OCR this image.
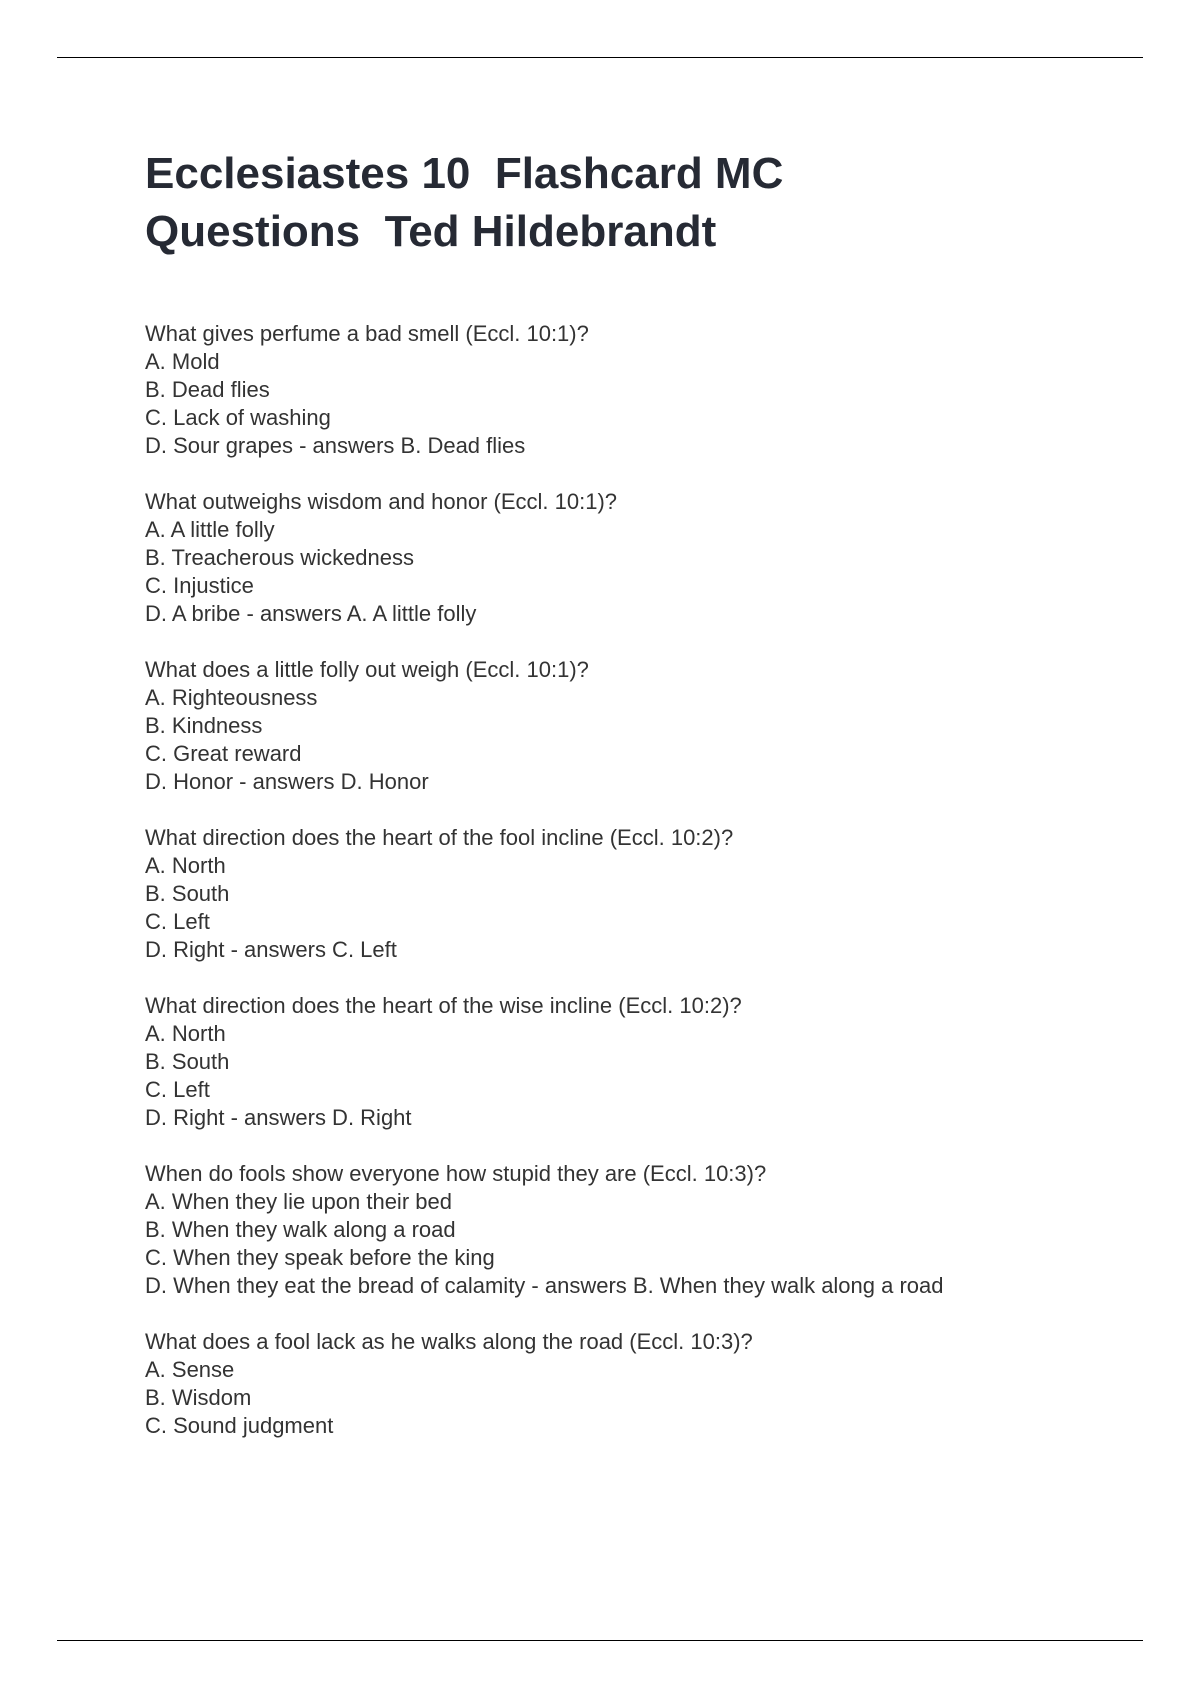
Ecclesiastes 10  Flashcard MC
Questions  Ted Hildebrandt
What gives perfume a bad smell (Eccl. 10:1)?
A. Mold
B. Dead flies
C. Lack of washing
D. Sour grapes - answers B. Dead flies
What outweighs wisdom and honor (Eccl. 10:1)?
A. A little folly
B. Treacherous wickedness
C. Injustice
D. A bribe - answers A. A little folly
What does a little folly out weigh (Eccl. 10:1)?
A. Righteousness
B. Kindness
C. Great reward
D. Honor - answers D. Honor
What direction does the heart of the fool incline (Eccl. 10:2)?
A. North
B. South
C. Left
D. Right - answers C. Left
What direction does the heart of the wise incline (Eccl. 10:2)?
A. North
B. South
C. Left
D. Right - answers D. Right
When do fools show everyone how stupid they are (Eccl. 10:3)?
A. When they lie upon their bed
B. When they walk along a road
C. When they speak before the king
D. When they eat the bread of calamity - answers B. When they walk along a road
What does a fool lack as he walks along the road (Eccl. 10:3)?
A. Sense
B. Wisdom
C. Sound judgment
